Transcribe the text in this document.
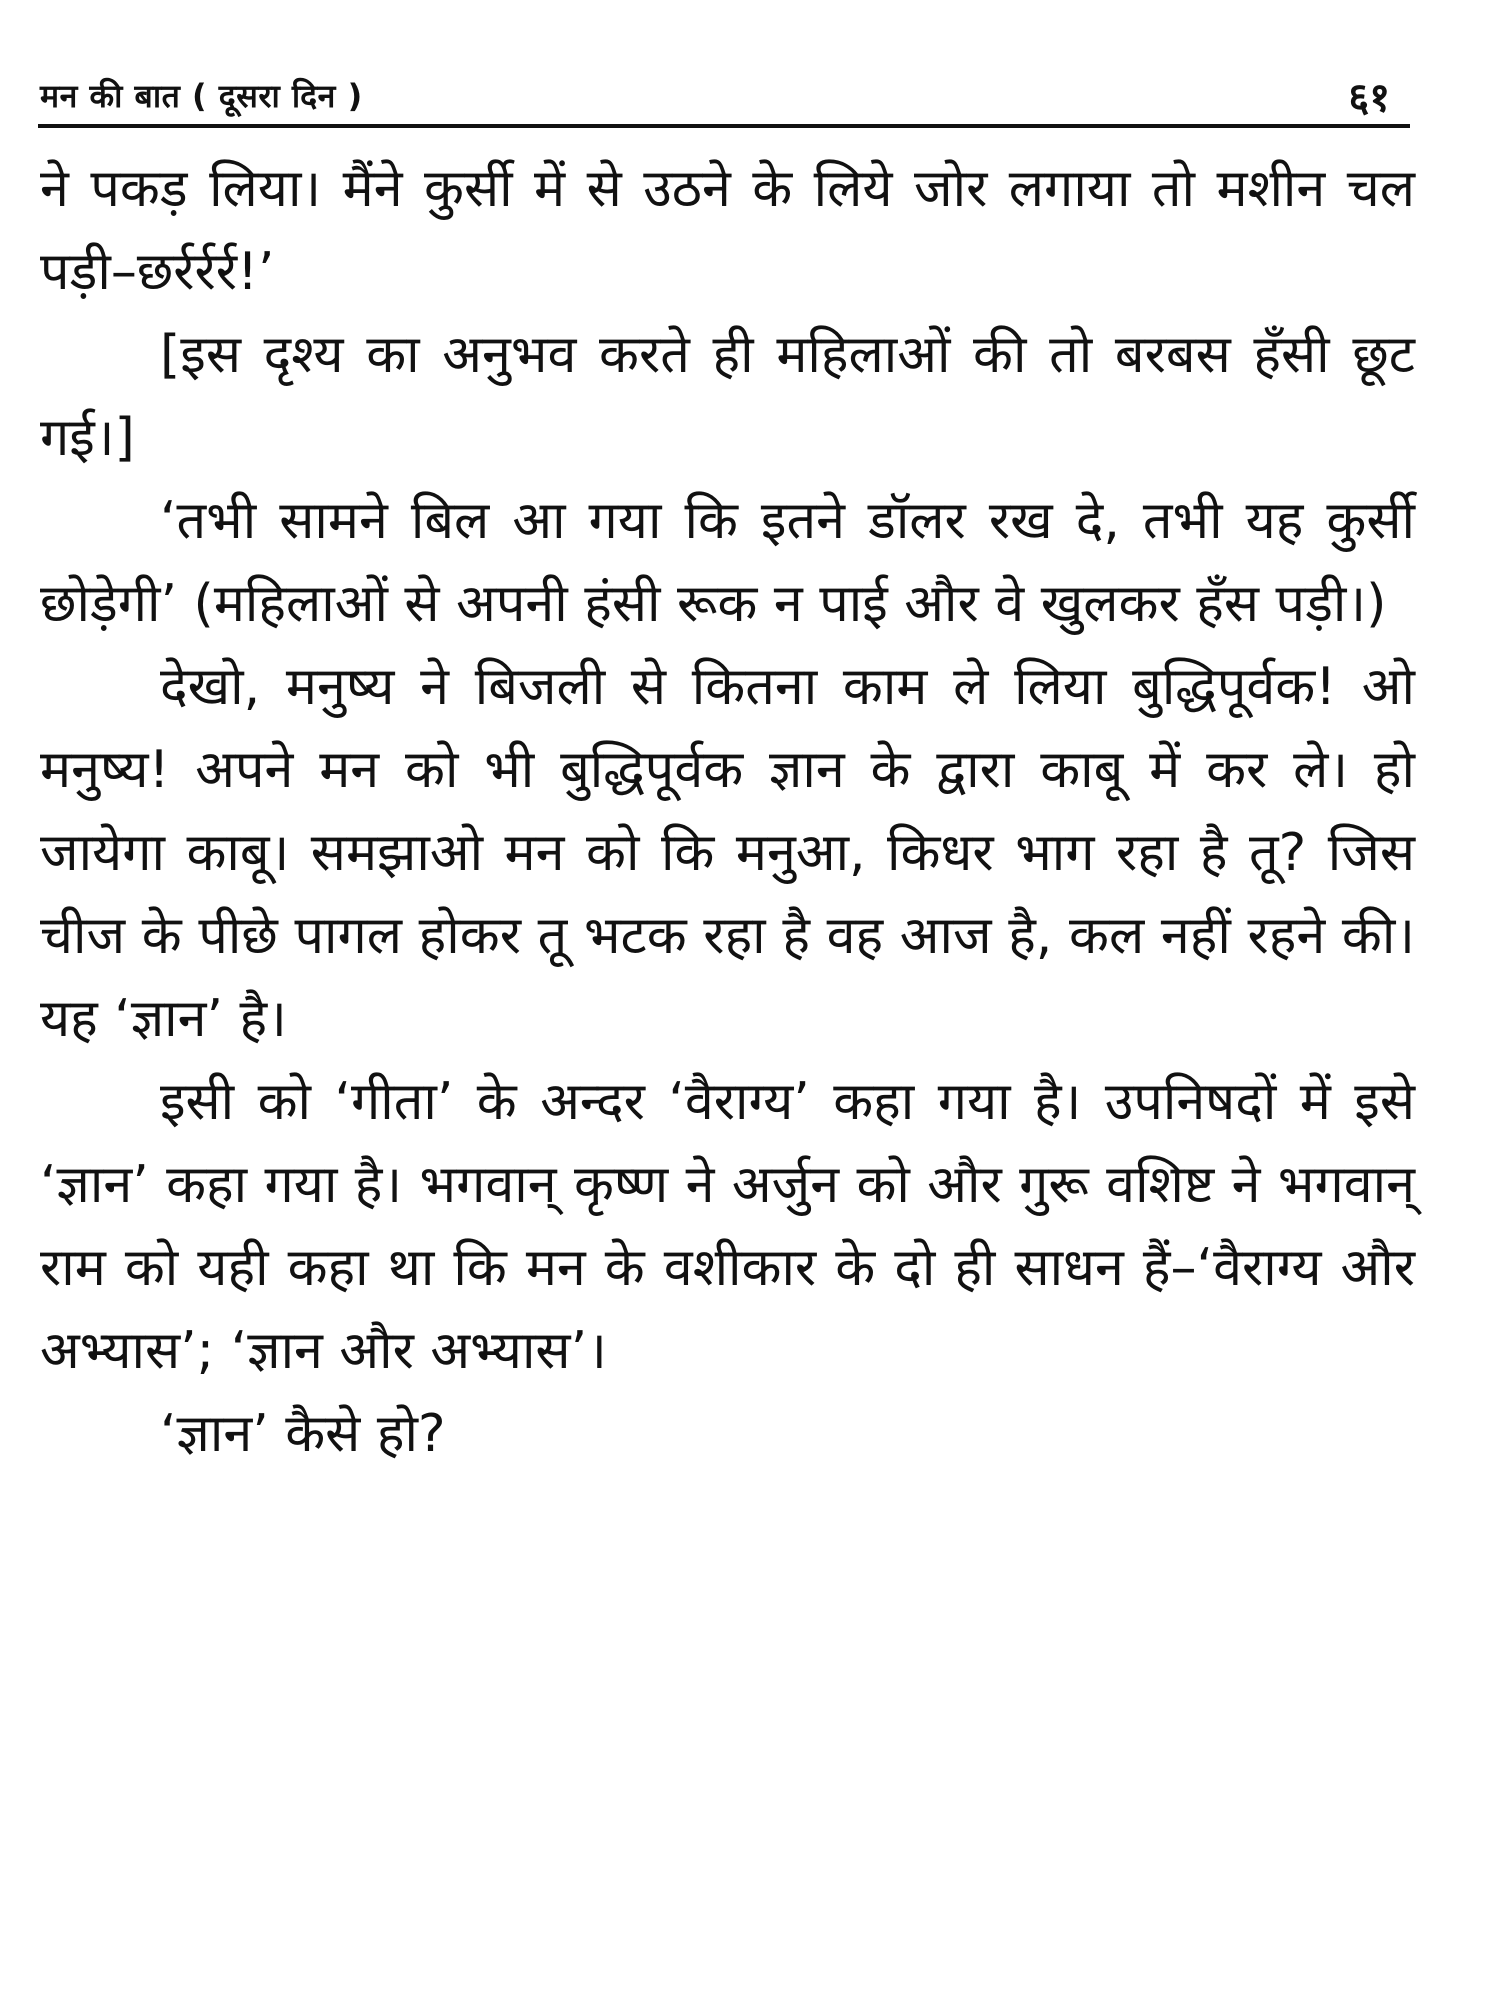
मन की बात ( दूसरा दिन )	६१

ने पकड़ लिया। मैंने कुर्सी में से उठने के लिये जोर लगाया तो मशीन चल पड़ी–छर्रर्रर्र!’

[इस दृश्य का अनुभव करते ही महिलाओं की तो बरबस हँसी छूट गई।]

‘तभी सामने बिल आ गया कि इतने डॉलर रख दे, तभी यह कुर्सी छोड़ेगी’ (महिलाओं से अपनी हंसी रूक न पाई और वे खुलकर हँस पड़ी।)

देखो, मनुष्य ने बिजली से कितना काम ले लिया बुद्धिपूर्वक! ओ मनुष्य! अपने मन को भी बुद्धिपूर्वक ज्ञान के द्वारा काबू में कर ले। हो जायेगा काबू। समझाओ मन को कि मनुआ, किधर भाग रहा है तू? जिस चीज के पीछे पागल होकर तू भटक रहा है वह आज है, कल नहीं रहने की। यह ‘ज्ञान’ है।

इसी को ‘गीता’ के अन्दर ‘वैराग्य’ कहा गया है। उपनिषदों में इसे ‘ज्ञान’ कहा गया है। भगवान् कृष्ण ने अर्जुन को और गुरू वशिष्ट ने भगवान् राम को यही कहा था कि मन के वशीकार के दो ही साधन हैं–‘वैराग्य और अभ्यास’; ‘ज्ञान और अभ्यास’।

‘ज्ञान’ कैसे हो?
